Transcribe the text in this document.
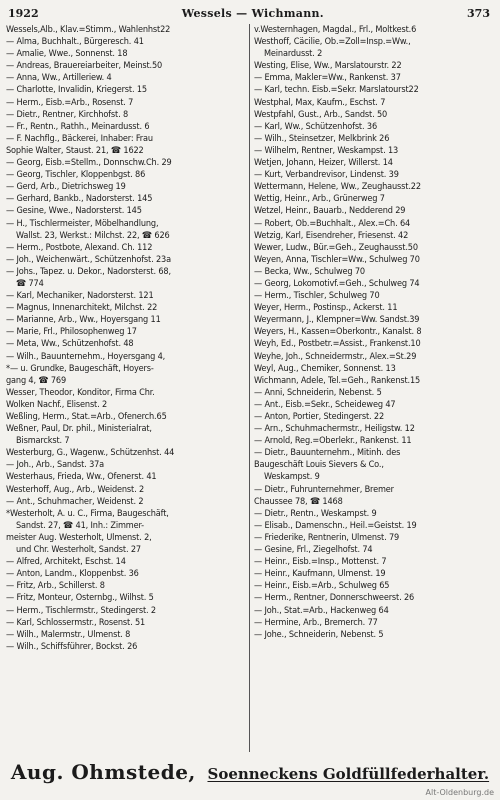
1922	Wessels — Wichmann.	373
Wessels,Alb., Klav.=Stimm., Wahlenhst22
— Alma, Buchhalt., Bürgeresch. 41
— Amalie, Wwe., Sonnenst. 18
— Andreas, Brauereiarbeiter, Meinst.50
— Anna, Ww., Artilleriew. 4
— Charlotte, Invalidin, Kriegerst. 15
— Herm., Eisb.=Arb., Rosenst. 7
— Dietr., Rentner, Kirchhofst. 8
— Fr., Rentn., Rathh., Meinardusst. 6
— F. Nachflg., Bäckerei, Inhaber: Frau
Sophie Walter, Staust. 21, ☎ 1622
— Georg, Eisb.=Stellm., Donnschw.Ch. 29
— Georg, Tischler, Kloppenbgst. 86
— Gerd, Arb., Dietrichsweg 19
— Gerhard, Bankb., Nadorsterst. 145
— Gesine, Wwe., Nadorsterst. 145
— H., Tischlermeister, Möbelhandlung,
Wallst. 23, Werkst.: Milchst. 22, ☎ 626
— Herm., Postbote, Alexand. Ch. 112
— Joh., Weichenwärt., Schützenhofst. 23a
— Johs., Tapez. u. Dekor., Nadorsterst. 68,
☎ 774
— Karl, Mechaniker, Nadorsterst. 121
— Magnus, Innenarchitekt, Milchst. 22
— Marianne, Arb., Ww., Hoyersgang 11
— Marie, Frl., Philosophenweg 17
— Meta, Ww., Schützenhofst. 48
— Wilh., Bauunternehm., Hoyersgang 4,
*— u. Grundke, Baugeschäft, Hoyers-
gang 4, ☎ 769
Wesser, Theodor, Konditor, Firma Chr.
Wolken Nachf., Elisenst. 2
Weßling, Herm., Stat.=Arb., Ofenerch.65
Weßner, Paul, Dr. phil., Ministerialrat,
Bismarckst. 7
Westerburg, G., Wagenw., Schützenhst. 44
— Joh., Arb., Sandst. 37a
Westerhaus, Frieda, Ww., Ofenerst. 41
Westerhoff, Aug., Arb., Weidenst. 2
— Ant., Schuhmacher, Weidenst. 2
*Westerholt, A. u. C., Firma, Baugeschäft,
Sandst. 27, ☎ 41, Inh.: Zimmer-
meister Aug. Westerholt, Ulmenst. 2,
und Chr. Westerholt, Sandst. 27
— Alfred, Architekt, Eschst. 14
— Anton, Landm., Kloppenbst. 36
— Fritz, Arb., Schillerst. 8
— Fritz, Monteur, Osternbg., Wilhst. 5
— Herm., Tischlermstr., Stedingerst. 2
— Karl, Schlossermstr., Rosenst. 51
— Wilh., Malermstr., Ulmenst. 8
— Wilh., Schiffsführer, Bockst. 26
v.Westernhagen, Magdal., Frl., Moltkest.6
Westhoff, Cäcilie, Ob.=Zoll=Insp.=Ww.,
Meinardusst. 2
Westing, Elise, Ww., Marslatourstr. 22
— Emma, Makler=Ww., Rankenst. 37
— Karl, techn. Eisb.=Sekr. Marslatourst22
Westphal, Max, Kaufm., Eschst. 7
Westpfahl, Gust., Arb., Sandst. 50
— Karl, Ww., Schützenhofst. 36
— Wilh., Steinsetzer, Melkbrink 26
— Wilhelm, Rentner, Weskampst. 13
Wetjen, Johann, Heizer, Willerst. 14
— Kurt, Verbandrevisor, Lindenst. 39
Wettermann, Helene, Ww., Zeughausst.22
Wettig, Heinr., Arb., Grünerweg 7
Wetzel, Heinr., Bauarb., Nedderend 29
— Robert, Ob.=Buchhalt., Alex.=Ch. 64
Wetzig, Karl, Eisendreher, Friesenst. 42
Wewer, Ludw., Bür.=Geh., Zeughausst.50
Weyen, Anna, Tischler=Ww., Schulweg 70
— Becka, Ww., Schulweg 70
— Georg, Lokomotivf.=Geh., Schulweg 74
— Herm., Tischler, Schulweg 70
Weyer, Herm., Postinsp., Ackerst. 11
Weyermann, J., Klempner=Ww. Sandst.39
Weyers, H., Kassen=Oberkontr., Kanalst. 8
Weyh, Ed., Postbetr.=Assist., Frankenst.10
Weyhe, Joh., Schneidermstr., Alex.=St.29
Weyl, Aug., Chemiker, Sonnenst. 13
Wichmann, Adele, Tel.=Geh., Rankenst.15
— Anni, Schneiderin, Nebenst. 5
— Ant., Eisb.=Sekr., Scheideweg 47
— Anton, Portier, Stedingerst. 22
— Arn., Schuhmachermstr., Heiligstw. 12
— Arnold, Reg.=Oberlekr., Rankenst. 11
— Dietr., Bauunternehm., Mitinh. des
Baugeschäft Louis Sievers & Co.,
Weskampst. 9
— Dietr., Fuhrunternehmer, Bremer
Chaussee 78, ☎ 1468
— Dietr., Rentn., Weskampst. 9
— Elisab., Damenschn., Heil.=Geistst. 19
— Friederike, Rentnerin, Ulmenst. 79
— Gesine, Frl., Ziegelhofst. 74
— Heinr., Eisb.=Insp., Mottenst. 7
— Heinr., Kaufmann, Ulmenst. 19
— Heinr., Eisb.=Arb., Schulweg 65
— Herm., Rentner, Donnerschweerst. 26
— Joh., Stat.=Arb., Hackenweg 64
— Hermine, Arb., Bremerch. 77
— Johe., Schneiderin, Nebenst. 5
Aug. Ohmstede, Soenneckens Goldfüllfederhalter.
Alt-Oldenburg.de
